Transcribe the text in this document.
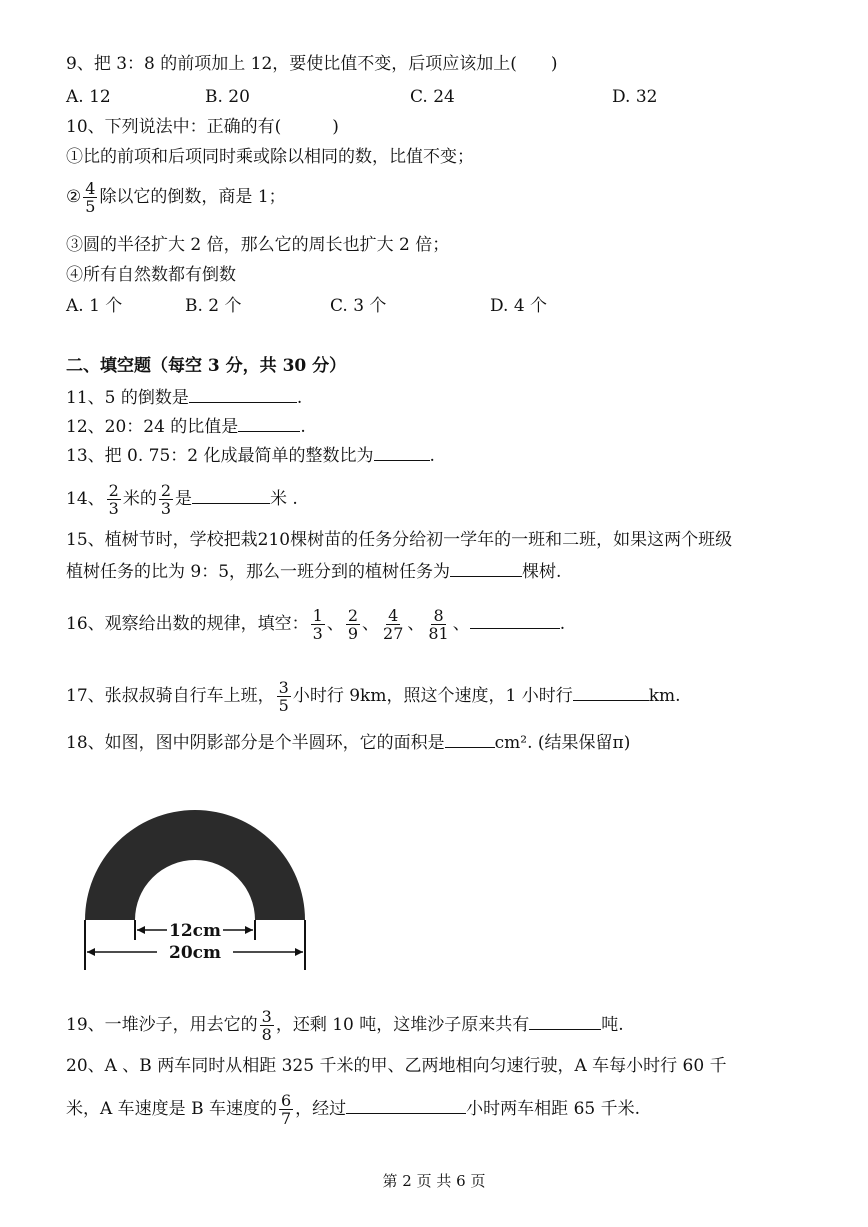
9、把 3：8 的前项加上 12，要使比值不变，后项应该加上(　　)
A. 12	B. 20	C. 24	D. 32
10、下列说法中：正确的有(　　　)
①比的前项和后项同时乘或除以相同的数，比值不变；
② $\frac{4}{5}$ 除以它的倒数，商是 1；
③圆的半径扩大 2 倍，那么它的周长也扩大 2 倍；
④所有自然数都有倒数
A. 1 个	B. 2 个	C. 3 个	D. 4 个
二、填空题（每空 3 分，共 30 分）
11、5 的倒数是	.
12、20：24 的比值是	.
13、把 0. 75：2 化成最简单的整数比为	.
14、 $\frac{2}{3}$ 米的 $\frac{2}{3}$ 是	米 .
15、植树节时，学校把栽210棵树苗的任务分给初一学年的一班和二班，如果这两个班级
植树任务的比为 9：5，那么一班分到的植树任务为	棵树.
16、观察给出数的规律，填空： $\frac{1}{3}$ 、 $\frac{2}{9}$ 、 $\frac{4}{27}$ 、 $\frac{8}{81}$ 、	.
17、张叔叔骑自行车上班， $\frac{3}{5}$ 小时行 9km，照这个速度，1 小时行	km.
18、如图，图中阴影部分是个半圆环，它的面积是	cm². (结果保留π)
12cm
20cm
19、一堆沙子，用去它的 $\frac{3}{8}$ ，还剩 10 吨，这堆沙子原来共有	吨.
20、A 、B 两车同时从相距 325 千米的甲、乙两地相向匀速行驶，A 车每小时行 60 千
米，A 车速度是 B 车速度的 $\frac{6}{7}$ ，经过	小时两车相距 65 千米.
第 2 页 共 6 页
